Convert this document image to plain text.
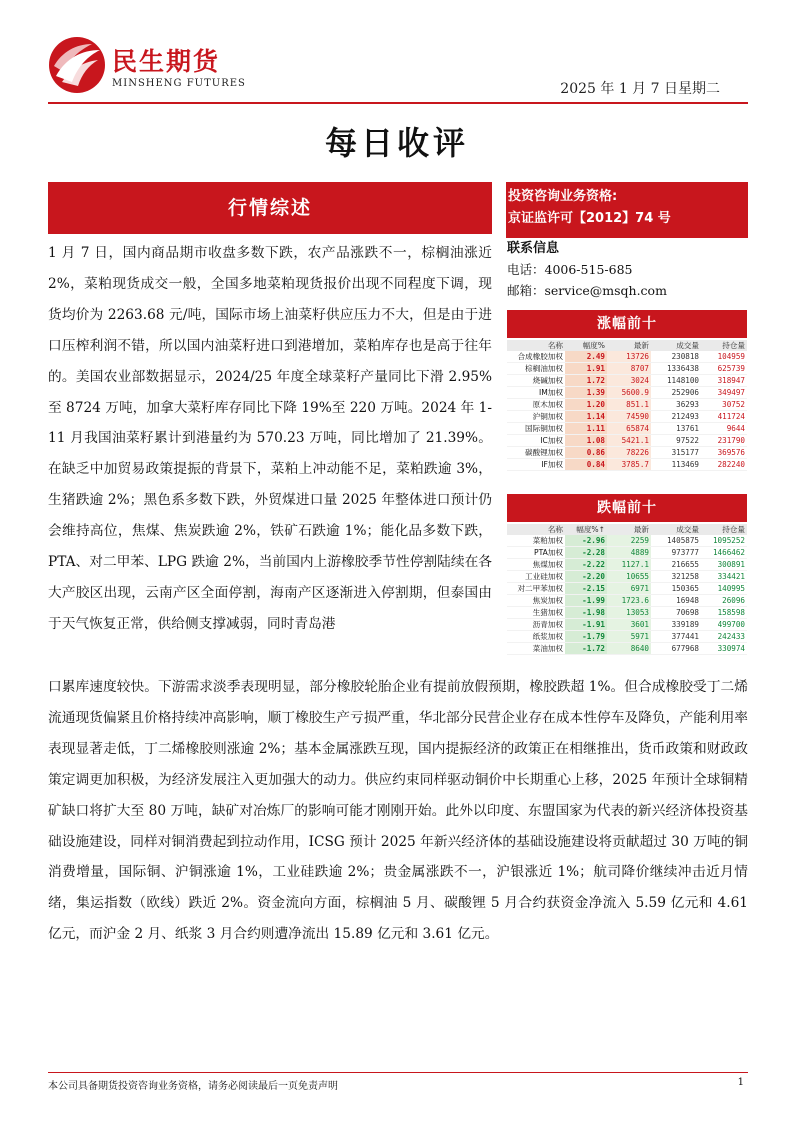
民生期货
MINSHENG FUTURES	2025 年 1 月 7 日星期二
每日收评
行情综述
投资咨询业务资格:
京证监许可【2012】74 号
联系信息
电话：4006-515-685
邮箱：service@msqh.com
涨幅前十
名称	幅度%	最新	成交量	持仓量
合成橡胶加权	2.49	13726	230818	104959
棕榈油加权	1.91	8707	1336438	625739
烧碱加权	1.72	3024	1148100	318947
IM加权	1.39	5600.9	252906	349497
原木加权	1.20	851.1	36293	30752
沪铜加权	1.14	74590	212493	411724
国际铜加权	1.11	65874	13761	9644
IC加权	1.08	5421.1	97522	231790
碳酸锂加权	0.86	78226	315177	369576
IF加权	0.84	3785.7	113469	282240
跌幅前十
名称	幅度%↑	最新	成交量	持仓量
菜粕加权	-2.96	2259	1405875	1095252
PTA加权	-2.28	4889	973777	1466462
焦煤加权	-2.22	1127.1	216655	300891
工业硅加权	-2.20	10655	321258	334421
对二甲苯加权	-2.15	6971	150365	140995
焦炭加权	-1.99	1723.6	16948	26096
生猪加权	-1.98	13053	70698	158598
沥青加权	-1.91	3601	339189	499700
纸浆加权	-1.79	5971	377441	242433
菜油加权	-1.72	8640	677968	330974
1 月 7 日，国内商品期市收盘多数下跌，农产品涨跌不一，棕榈油涨近 2%，菜粕现货成交一般，全国多地菜粕现货报价出现不同程度下调，现货均价为 2263.68 元/吨，国际市场上油菜籽供应压力不大，但是由于进口压榨利润不错，所以国内油菜籽进口到港增加，菜粕库存也是高于往年的。美国农业部数据显示，2024/25 年度全球菜籽产量同比下滑 2.95%至 8724 万吨，加拿大菜籽库存同比下降 19%至 220 万吨。2024 年 1-11 月我国油菜籽累计到港量约为 570.23 万吨，同比增加了 21.39%。在缺乏中加贸易政策提振的背景下，菜粕上冲动能不足，菜粕跌逾 3%，生猪跌逾 2%；黑色系多数下跌，外贸煤进口量 2025 年整体进口预计仍会维持高位，焦煤、焦炭跌逾 2%，铁矿石跌逾 1%；能化品多数下跌，PTA、对二甲苯、LPG 跌逾 2%，当前国内上游橡胶季节性停割陆续在各大产胶区出现，云南产区全面停割，海南产区逐渐进入停割期，但泰国由于天气恢复正常，供给侧支撑减弱，同时青岛港
口累库速度较快。下游需求淡季表现明显，部分橡胶轮胎企业有提前放假预期，橡胶跌超 1%。但合成橡胶受丁二烯流通现货偏紧且价格持续冲高影响，顺丁橡胶生产亏损严重，华北部分民营企业存在成本性停车及降负，产能利用率表现显著走低，丁二烯橡胶则涨逾 2%；基本金属涨跌互现，国内提振经济的政策正在相继推出，货币政策和财政政策定调更加积极，为经济发展注入更加强大的动力。供应约束同样驱动铜价中长期重心上移，2025 年预计全球铜精矿缺口将扩大至 80 万吨，缺矿对冶炼厂的影响可能才刚刚开始。此外以印度、东盟国家为代表的新兴经济体投资基础设施建设，同样对铜消费起到拉动作用，ICSG 预计 2025 年新兴经济体的基础设施建设将贡献超过 30 万吨的铜消费增量，国际铜、沪铜涨逾 1%，工业硅跌逾 2%；贵金属涨跌不一，沪银涨近 1%；航司降价继续冲击近月情绪，集运指数（欧线）跌近 2%。资金流向方面，棕榈油 5 月、碳酸锂 5 月合约获资金净流入 5.59 亿元和 4.61 亿元，而沪金 2 月、纸浆 3 月合约则遭净流出 15.89 亿元和 3.61 亿元。
本公司具备期货投资咨询业务资格，请务必阅读最后一页免责声明	1
